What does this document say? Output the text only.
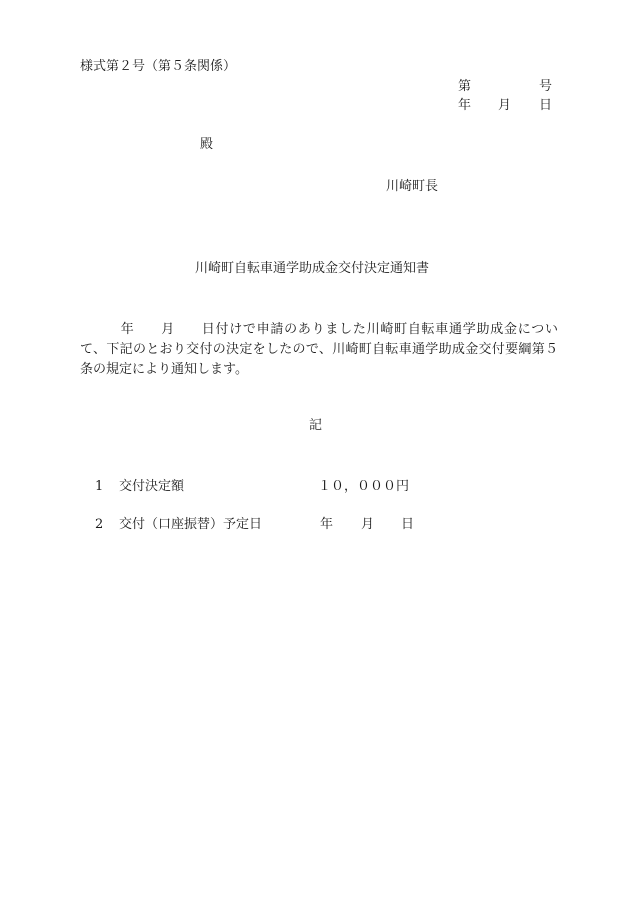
様式第２号（第５条関係）
第	号
年 月 日
殿
川崎町長
川崎町自転車通学助成金交付決定通知書
年 月 日付けで申請のありました川崎町自転車通学助成金について、下記のとおり交付の決定をしたので、川崎町自転車通学助成金交付要綱第５条の規定により通知します。
記
1 交付決定額	１０，０００円
2 交付（口座振替）予定日	年 月 日
